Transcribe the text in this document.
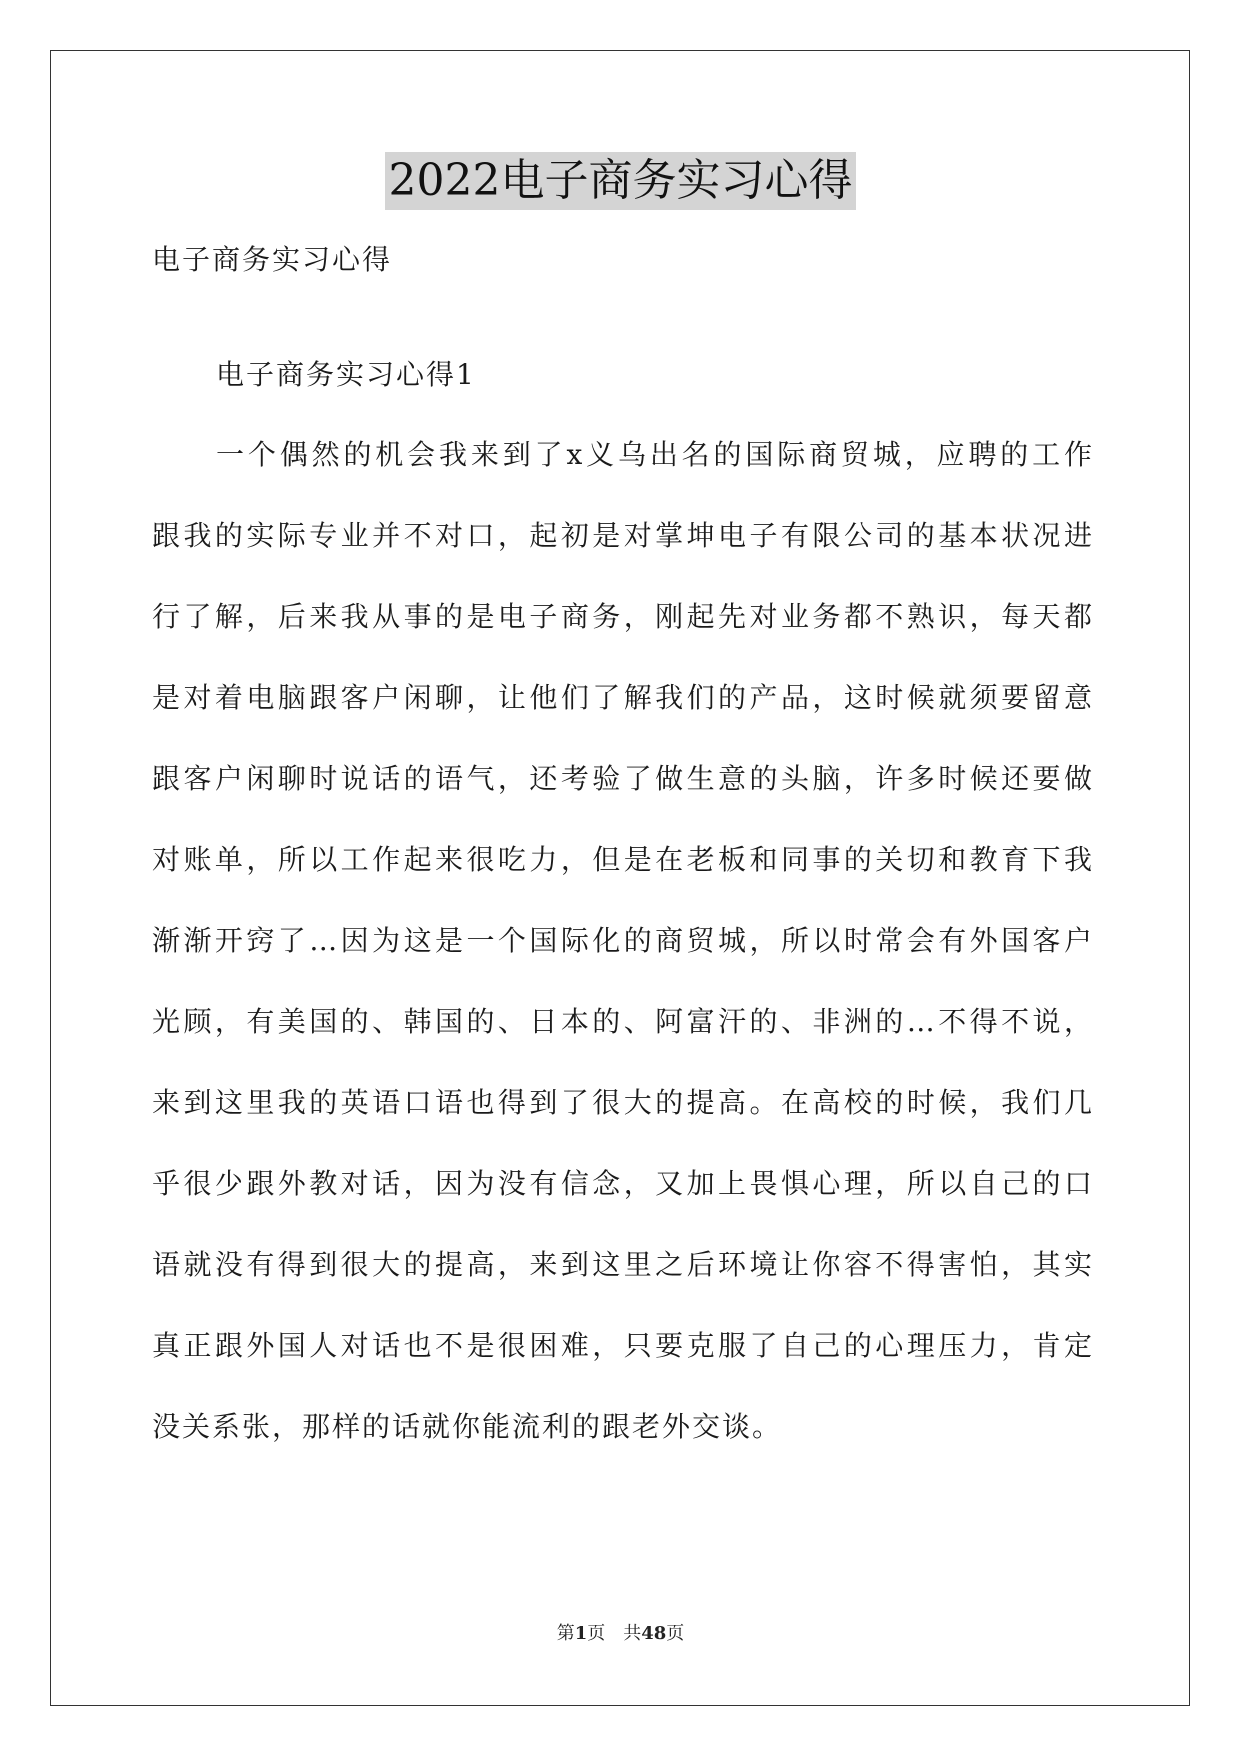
2022电子商务实习心得
电子商务实习心得
电子商务实习心得1
一个偶然的机会我来到了x义乌出名的国际商贸城，应聘的工作
跟我的实际专业并不对口，起初是对掌坤电子有限公司的基本状况进
行了解，后来我从事的是电子商务，刚起先对业务都不熟识，每天都
是对着电脑跟客户闲聊，让他们了解我们的产品，这时候就须要留意
跟客户闲聊时说话的语气，还考验了做生意的头脑，许多时候还要做
对账单，所以工作起来很吃力，但是在老板和同事的关切和教育下我
渐渐开窍了…因为这是一个国际化的商贸城，所以时常会有外国客户
光顾，有美国的、韩国的、日本的、阿富汗的、非洲的…不得不说，
来到这里我的英语口语也得到了很大的提高。在高校的时候，我们几
乎很少跟外教对话，因为没有信念，又加上畏惧心理，所以自己的口
语就没有得到很大的提高，来到这里之后环境让你容不得害怕，其实
真正跟外国人对话也不是很困难，只要克服了自己的心理压力，肯定
没关系张，那样的话就你能流利的跟老外交谈。
第1页 共48页
